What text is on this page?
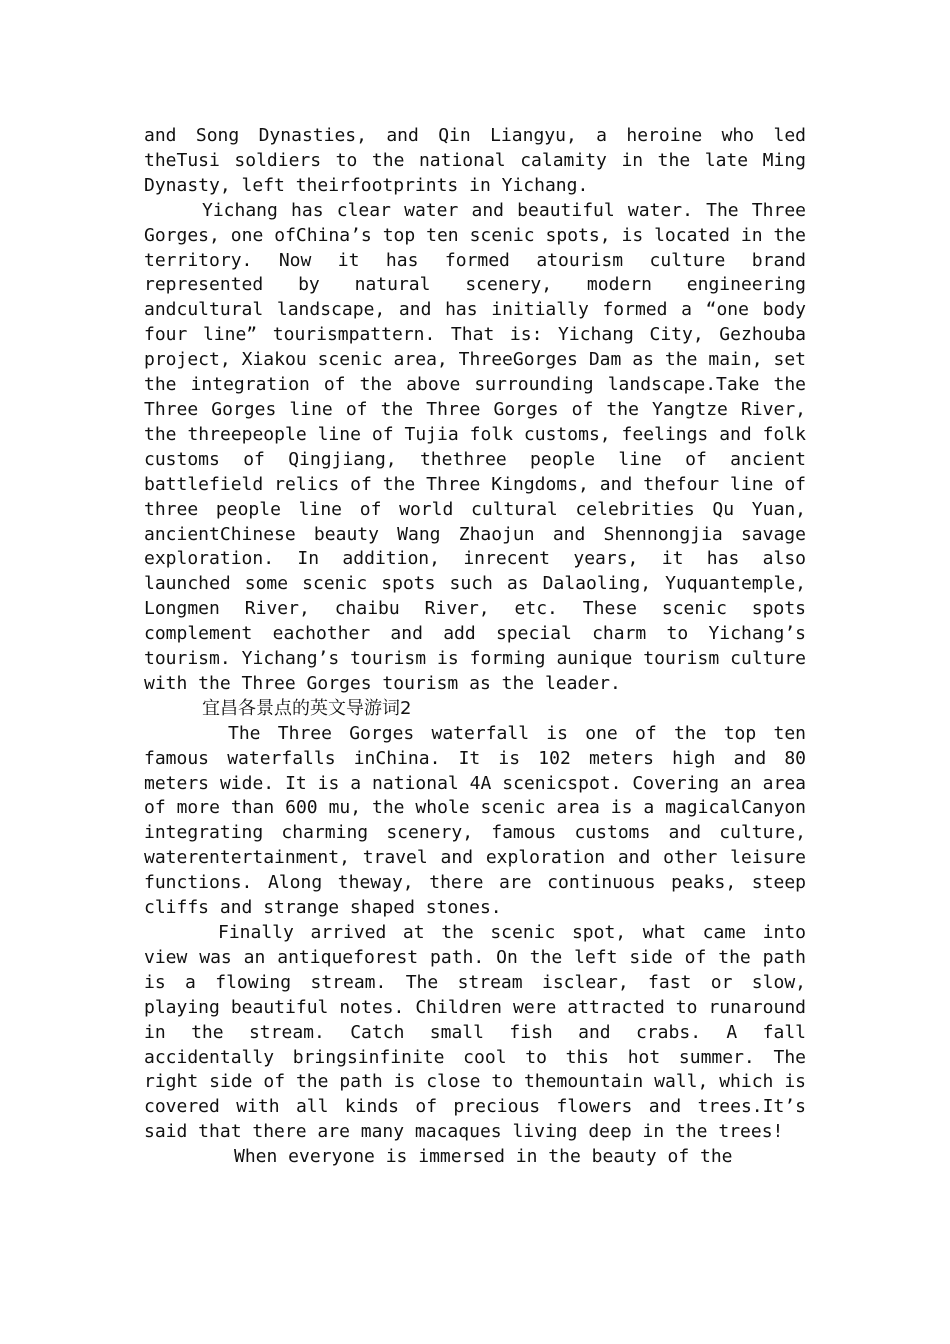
and Song Dynasties, and Qin Liangyu, a heroine who led theTusi soldiers to the national calamity in the late Ming Dynasty, left theirfootprints in Yichang.

Yichang has clear water and beautiful water. The Three Gorges, one ofChina’s top ten scenic spots, is located in the territory. Now it has formed atourism culture brand represented by natural scenery, modern engineering andcultural landscape, and has initially formed a “one body four line” tourismpattern. That is: Yichang City, Gezhouba project, Xiakou scenic area, ThreeGorges Dam as the main, set the integration of the above surrounding landscape.Take the Three Gorges line of the Three Gorges of the Yangtze River, the threepeople line of Tujia folk customs, feelings and folk customs of Qingjiang, thethree people line of ancient battlefield relics of the Three Kingdoms, and thefour line of three people line of world cultural celebrities Qu Yuan, ancientChinese beauty Wang Zhaojun and Shennongjia savage exploration. In addition, inrecent years, it has also launched some scenic spots such as Dalaoling, Yuquantemple, Longmen River, chaibu River, etc. These scenic spots complement eachother and add special charm to Yichang’s tourism. Yichang’s tourism is forming aunique tourism culture with the Three Gorges tourism as the leader.

宜昌各景点的英文导游词2

The Three Gorges waterfall is one of the top ten famous waterfalls inChina. It is 102 meters high and 80 meters wide. It is a national 4A scenicspot. Covering an area of more than 600 mu, the whole scenic area is a magicalCanyon integrating charming scenery, famous customs and culture, waterentertainment, travel and exploration and other leisure functions. Along theway, there are continuous peaks, steep cliffs and strange shaped stones.

Finally arrived at the scenic spot, what came into view was an antiqueforest path. On the left side of the path is a flowing stream. The stream isclear, fast or slow, playing beautiful notes. Children were attracted to runaround in the stream. Catch small fish and crabs. A fall accidentally bringsinfinite cool to this hot summer. The right side of the path is close to themountain wall, which is covered with all kinds of precious flowers and trees.It’s said that there are many macaques living deep in the trees!

When everyone is immersed in the beauty of the
